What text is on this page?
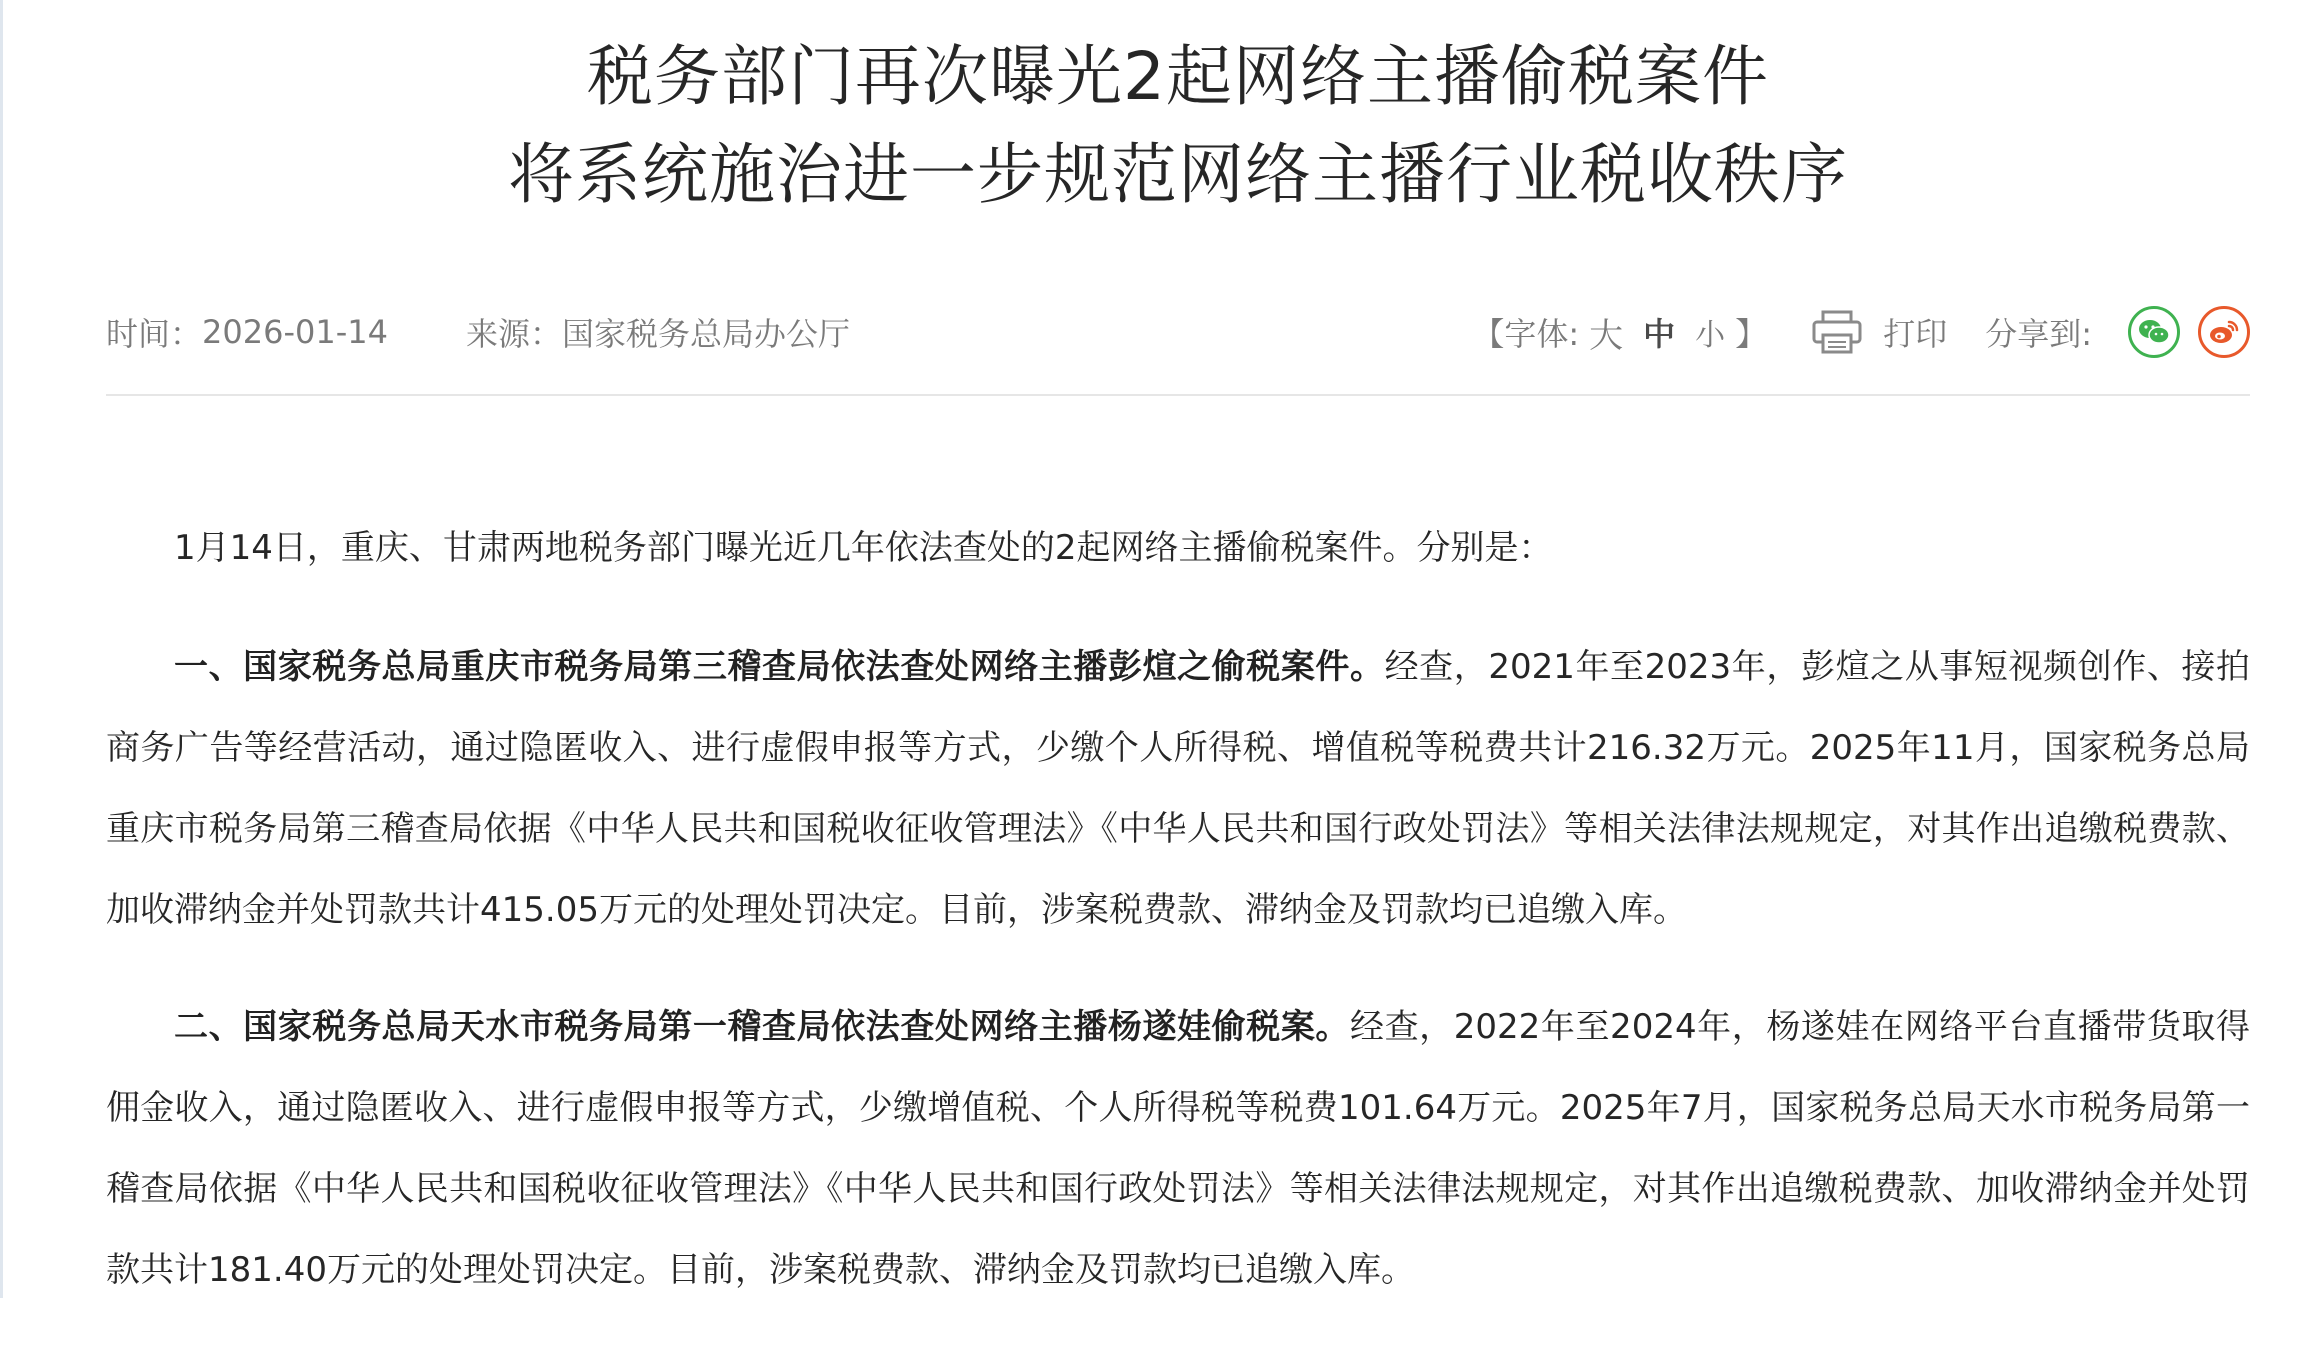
税务部门再次曝光2起网络主播偷税案件
将系统施治进一步规范网络主播行业税收秩序
时间： 2026-01-14 来源： 国家税务总局办公厅	【字体: 大 中 小 】	打印 分享到:

1月14日，重庆、甘肃两地税务部门曝光近几年依法查处的2起网络主播偷税案件。分别是：

一、国家税务总局重庆市税务局第三稽查局依法查处网络主播彭煊之偷税案件。经查，2021年至2023年，彭煊之从事短视频创作、接拍商务广告等经营活动，通过隐匿收入、进行虚假申报等方式，少缴个人所得税、增值税等税费共计216.32万元。2025年11月，国家税务总局重庆市税务局第三稽查局依据《中华人民共和国税收征收管理法》《中华人民共和国行政处罚法》等相关法律法规规定，对其作出追缴税费款、加收滞纳金并处罚款共计415.05万元的处理处罚决定。目前，涉案税费款、滞纳金及罚款均已追缴入库。

二、国家税务总局天水市税务局第一稽查局依法查处网络主播杨遂娃偷税案。经查，2022年至2024年，杨遂娃在网络平台直播带货取得佣金收入，通过隐匿收入、进行虚假申报等方式，少缴增值税、个人所得税等税费101.64万元。2025年7月，国家税务总局天水市税务局第一稽查局依据《中华人民共和国税收征收管理法》《中华人民共和国行政处罚法》等相关法律法规规定，对其作出追缴税费款、加收滞纳金并处罚款共计181.40万元的处理处罚决定。目前，涉案税费款、滞纳金及罚款均已追缴入库。
